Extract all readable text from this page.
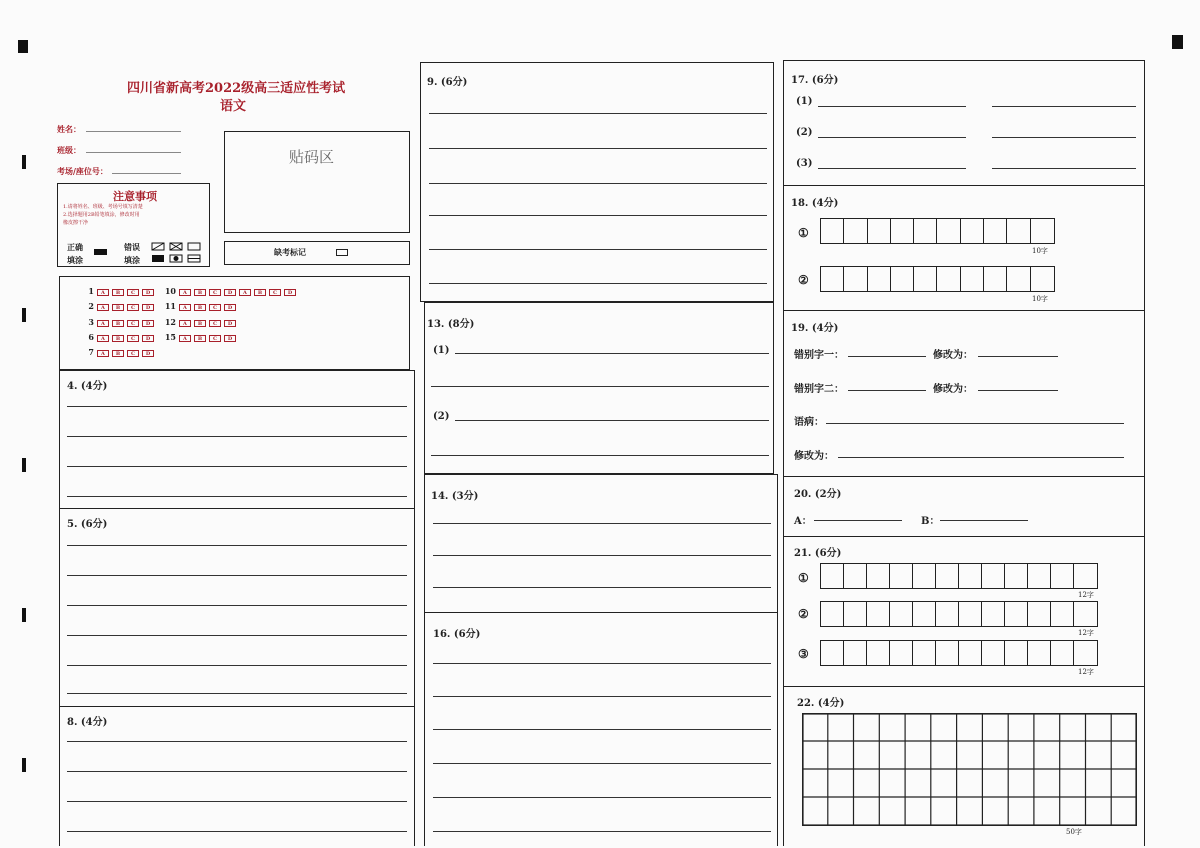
四川省新高考2022级高三适应性考试
语文
姓名：
班级：
考场/座位号：
贴码区
注意事项
1.请将姓名、班级、考场号填写清楚
2.选择题用2B铅笔填涂，修改时用
橡皮擦干净
正确
填涂
错误
填涂
缺考标记
1 A B C D
2 A B C D
3 A B C D
6 A B C D
7 A B C D
10 A B C D A B C D
11 A B C D
12 A B C D
15 A B C D
4. (4分)
5. (6分)
8. (4分)
9. (6分)
13. (8分)
(1)
(2)
14. (3分)
16. (6分)
17. (6分)
(1)
(2)
(3)
18. (4分)
①
10字
②
10字
19. (4分)
错别字一：	修改为：
错别字二：	修改为：
语病：
修改为：
20. (2分)
A：	B：
21. (6分)
①
12字
②
12字
③
12字
22. (4分)
50字
